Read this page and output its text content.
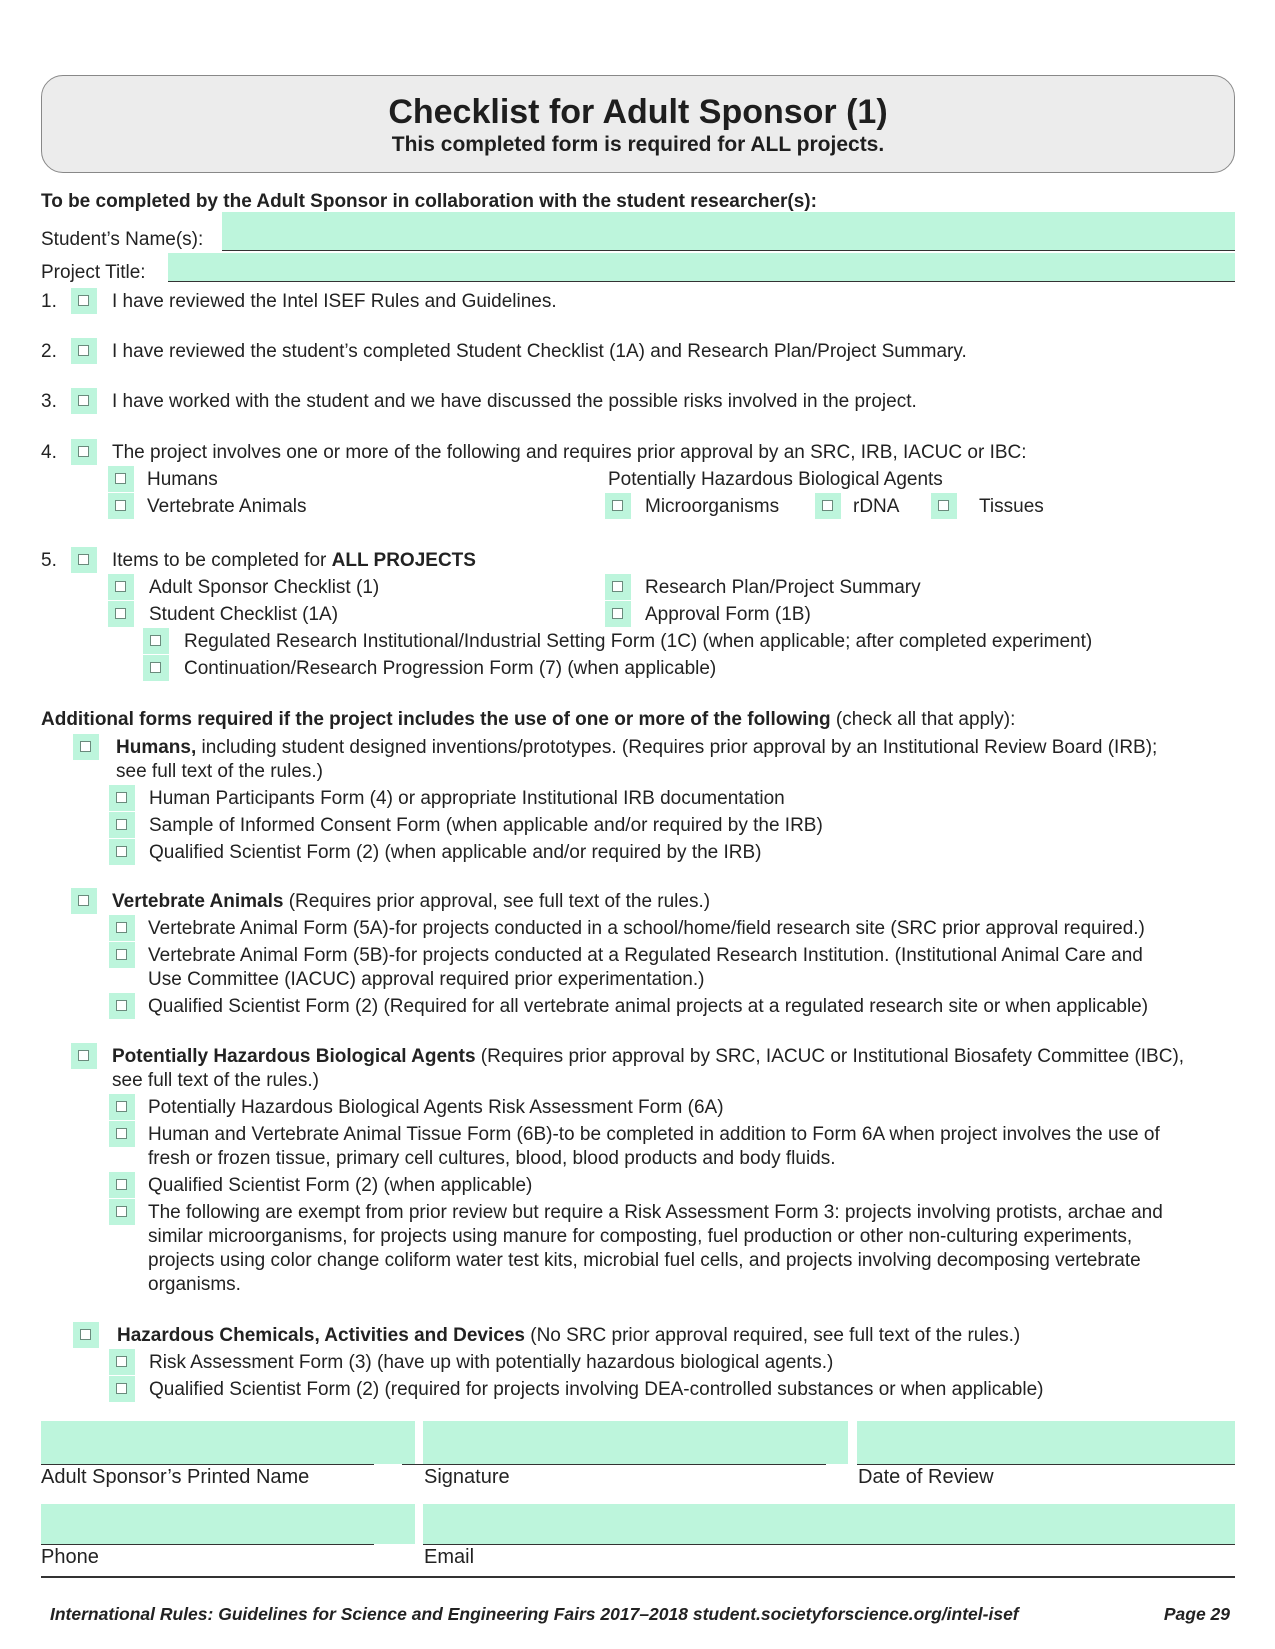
Checklist for Adult Sponsor (1)
This completed form is required for ALL projects.
To be completed by the Adult Sponsor in collaboration with the student researcher(s):
Student’s Name(s):
Project Title:
1.	I have reviewed the Intel ISEF Rules and Guidelines.
2.	I have reviewed the student’s completed Student Checklist (1A) and Research Plan/Project Summary.
3.	I have worked with the student and we have discussed the possible risks involved in the project.
4.	The project involves one or more of the following and requires prior approval by an SRC, IRB, IACUC or IBC:
Humans	Potentially Hazardous Biological Agents
Vertebrate Animals	Microorganisms	rDNA	Tissues
5.	Items to be completed for ALL PROJECTS
Adult Sponsor Checklist (1)	Research Plan/Project Summary
Student Checklist (1A)	Approval Form (1B)
Regulated Research Institutional/Industrial Setting Form (1C) (when applicable; after completed experiment)
Continuation/Research Progression Form (7) (when applicable)
Additional forms required if the project includes the use of one or more of the following (check all that apply):
Humans, including student designed inventions/prototypes. (Requires prior approval by an Institutional Review Board (IRB);
see full text of the rules.)
Human Participants Form (4) or appropriate Institutional IRB documentation
Sample of Informed Consent Form (when applicable and/or required by the IRB)
Qualified Scientist Form (2) (when applicable and/or required by the IRB)
Vertebrate Animals (Requires prior approval, see full text of the rules.)
Vertebrate Animal Form (5A)-for projects conducted in a school/home/field research site (SRC prior approval required.)
Vertebrate Animal Form (5B)-for projects conducted at a Regulated Research Institution. (Institutional Animal Care and
Use Committee (IACUC) approval required prior experimentation.)
Qualified Scientist Form (2) (Required for all vertebrate animal projects at a regulated research site or when applicable)
Potentially Hazardous Biological Agents (Requires prior approval by SRC, IACUC or Institutional Biosafety Committee (IBC),
see full text of the rules.)
Potentially Hazardous Biological Agents Risk Assessment Form (6A)
Human and Vertebrate Animal Tissue Form (6B)-to be completed in addition to Form 6A when project involves the use of
fresh or frozen tissue, primary cell cultures, blood, blood products and body fluids.
Qualified Scientist Form (2) (when applicable)
The following are exempt from prior review but require a Risk Assessment Form 3: projects involving protists, archae and
similar microorganisms, for projects using manure for composting, fuel production or other non-culturing experiments,
projects using color change coliform water test kits, microbial fuel cells, and projects involving decomposing vertebrate
organisms.
Hazardous Chemicals, Activities and Devices (No SRC prior approval required, see full text of the rules.)
Risk Assessment Form (3) (have up with potentially hazardous biological agents.)
Qualified Scientist Form (2) (required for projects involving DEA-controlled substances or when applicable)
Adult Sponsor’s Printed Name	Signature	Date of Review
Phone	Email
International Rules: Guidelines for Science and Engineering Fairs 2017–2018 student.societyforscience.org/intel-isef	Page 29
